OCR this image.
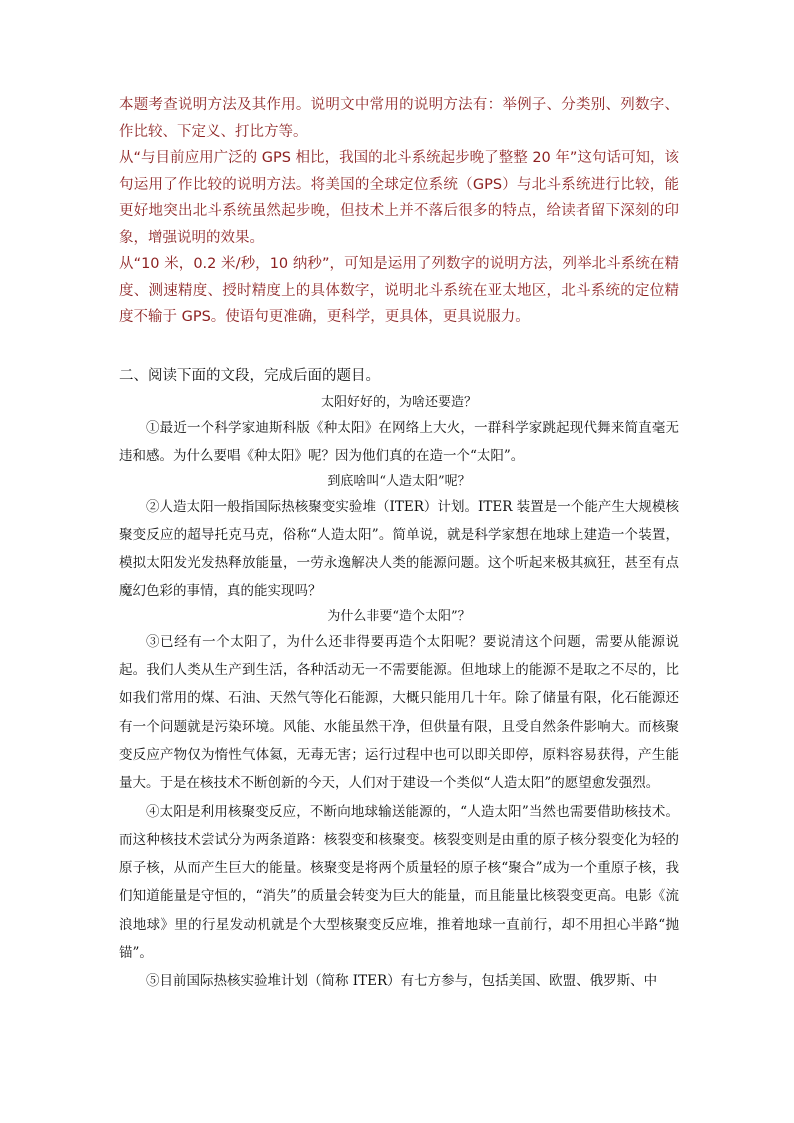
本题考查说明方法及其作用。说明文中常用的说明方法有：举例子、分类别、列数字、作比较、下定义、打比方等。

从“与目前应用广泛的 GPS 相比，我国的北斗系统起步晚了整整 20 年”这句话可知，该句运用了作比较的说明方法。将美国的全球定位系统（GPS）与北斗系统进行比较，能更好地突出北斗系统虽然起步晚，但技术上并不落后很多的特点，给读者留下深刻的印象，增强说明的效果。

从“10 米，0.2 米/秒，10 纳秒”，可知是运用了列数字的说明方法，列举北斗系统在精度、测速精度、授时精度上的具体数字，说明北斗系统在亚太地区，北斗系统的定位精度不输于 GPS。使语句更准确，更科学，更具体，更具说服力。

二、阅读下面的文段，完成后面的题目。

太阳好好的，为啥还要造？

①最近一个科学家迪斯科版《种太阳》在网络上大火，一群科学家跳起现代舞来简直毫无违和感。为什么要唱《种太阳》呢？因为他们真的在造一个“太阳”。

到底啥叫“人造太阳”呢？

②人造太阳一般指国际热核聚变实验堆（ITER）计划。ITER 装置是一个能产生大规模核聚变反应的超导托克马克，俗称“人造太阳”。简单说，就是科学家想在地球上建造一个装置，模拟太阳发光发热释放能量，一劳永逸解决人类的能源问题。这个听起来极其疯狂，甚至有点魔幻色彩的事情，真的能实现吗？

为什么非要“造个太阳”？

③已经有一个太阳了，为什么还非得要再造个太阳呢？要说清这个问题，需要从能源说起。我们人类从生产到生活，各种活动无一不需要能源。但地球上的能源不是取之不尽的，比如我们常用的煤、石油、天然气等化石能源，大概只能用几十年。除了储量有限，化石能源还有一个问题就是污染环境。风能、水能虽然干净，但供量有限，且受自然条件影响大。而核聚变反应产物仅为惰性气体氦，无毒无害；运行过程中也可以即关即停，原料容易获得，产生能量大。于是在核技术不断创新的今天，人们对于建设一个类似“人造太阳”的愿望愈发强烈。

④太阳是利用核聚变反应，不断向地球输送能源的，“人造太阳”当然也需要借助核技术。而这种核技术尝试分为两条道路：核裂变和核聚变。核裂变则是由重的原子核分裂变化为轻的原子核，从而产生巨大的能量。核聚变是将两个质量轻的原子核“聚合”成为一个重原子核，我们知道能量是守恒的，“消失”的质量会转变为巨大的能量，而且能量比核裂变更高。电影《流浪地球》里的行星发动机就是个大型核聚变反应堆，推着地球一直前行，却不用担心半路“抛锚”。

⑤目前国际热核实验堆计划（简称 ITER）有七方参与，包括美国、欧盟、俄罗斯、中
